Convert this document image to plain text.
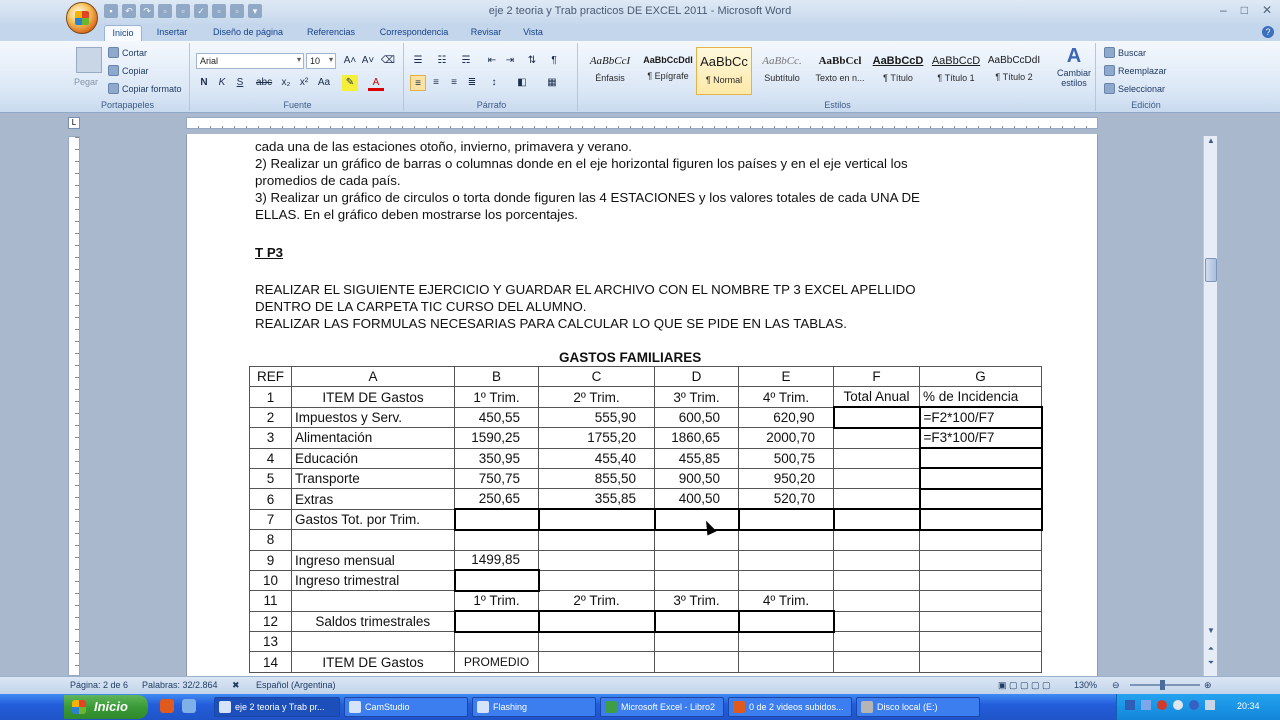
▪	↶	↷	▫	▫	✓	▫	▫	▾	eje 2 teoria y Trab practicos DE EXCEL 2011 - Microsoft Word	– □ ✕
Inicio	Insertar	Diseño de página	Referencias	Correspondencia	Revisar	Vista	?
Pegar
Cortar
Copiar
Copiar formato
Portapapeles
Arial ▾	10 ▾	A˄ A˅ ⌫
N	K	S	abc x₂ x² Aa	✎	A
Fuente
☰	☷	☴	⇤ ⇥	⇅	¶
≡	≡	≡	≣	↕	◧	▦
Párrafo
AaBbCcI
Énfasis
AaBbCcDdI
¶ Epígrafe
AaBbCc
¶ Normal
AaBbCc.
Subtítulo
AaBbCcl
Texto en n...
AaBbCcD
¶ Título
AaBbCcD
¶ Título 1
AaBbCcDdI
¶ Título 2
A
Cambiar estilos
Estilos
Buscar
Reemplazar
Seleccionar
Edición
L
cada una de las estaciones otoño, invierno, primavera y verano.
2) Realizar un gráfico de barras o columnas donde en el eje horizontal figuren los países y en el eje vertical los
promedios de cada país.
3) Realizar un gráfico de circulos o torta donde figuren las 4 ESTACIONES y los valores totales de cada UNA DE
ELLAS. En el gráfico deben mostrarse los porcentajes.
T P3
REALIZAR EL SIGUIENTE EJERCICIO Y GUARDAR EL ARCHIVO CON EL NOMBRE TP 3 EXCEL APELLIDO
DENTRO DE LA CARPETA TIC CURSO DEL ALUMNO.
REALIZAR LAS FORMULAS NECESARIAS PARA CALCULAR LO QUE SE PIDE EN LAS TABLAS.
GASTOS FAMILIARES
REF	A	B	C	D	E	F	G
1	ITEM DE Gastos	1º Trim.	2º Trim.	3º Trim.	4º Trim.	Total Anual	% de Incidencia
2	Impuestos y Serv.	450,55	555,90	600,50	620,90		=F2*100/F7
3	Alimentación	1590,25	1755,20	1860,65	2000,70		=F3*100/F7
4	Educación	350,95	455,40	455,85	500,75		
5	Transporte	750,75	855,50	900,50	950,20		
6	Extras	250,65	355,85	400,50	520,70		
7	Gastos Tot. por Trim.						
8							
9	Ingreso mensual	1499,85					
10	Ingreso trimestral						
11		1º Trim.	2º Trim.	3º Trim.	4º Trim.		
12	Saldos trimestrales						
13							
14	ITEM DE Gastos	PROMEDIO					
▲
▼
⏶
⏷
Página: 2 de 6 Palabras: 32/2.864 ✖ Español (Argentina)	▣ ▢ ▢ ▢ ▢	130% ⊖	⊕
Inicio	eje 2 teoria y Trab pr...	CamStudio	Flashing	Microsoft Excel - Libro2	0 de 2 videos subidos...	Disco local (E:)	20:34
